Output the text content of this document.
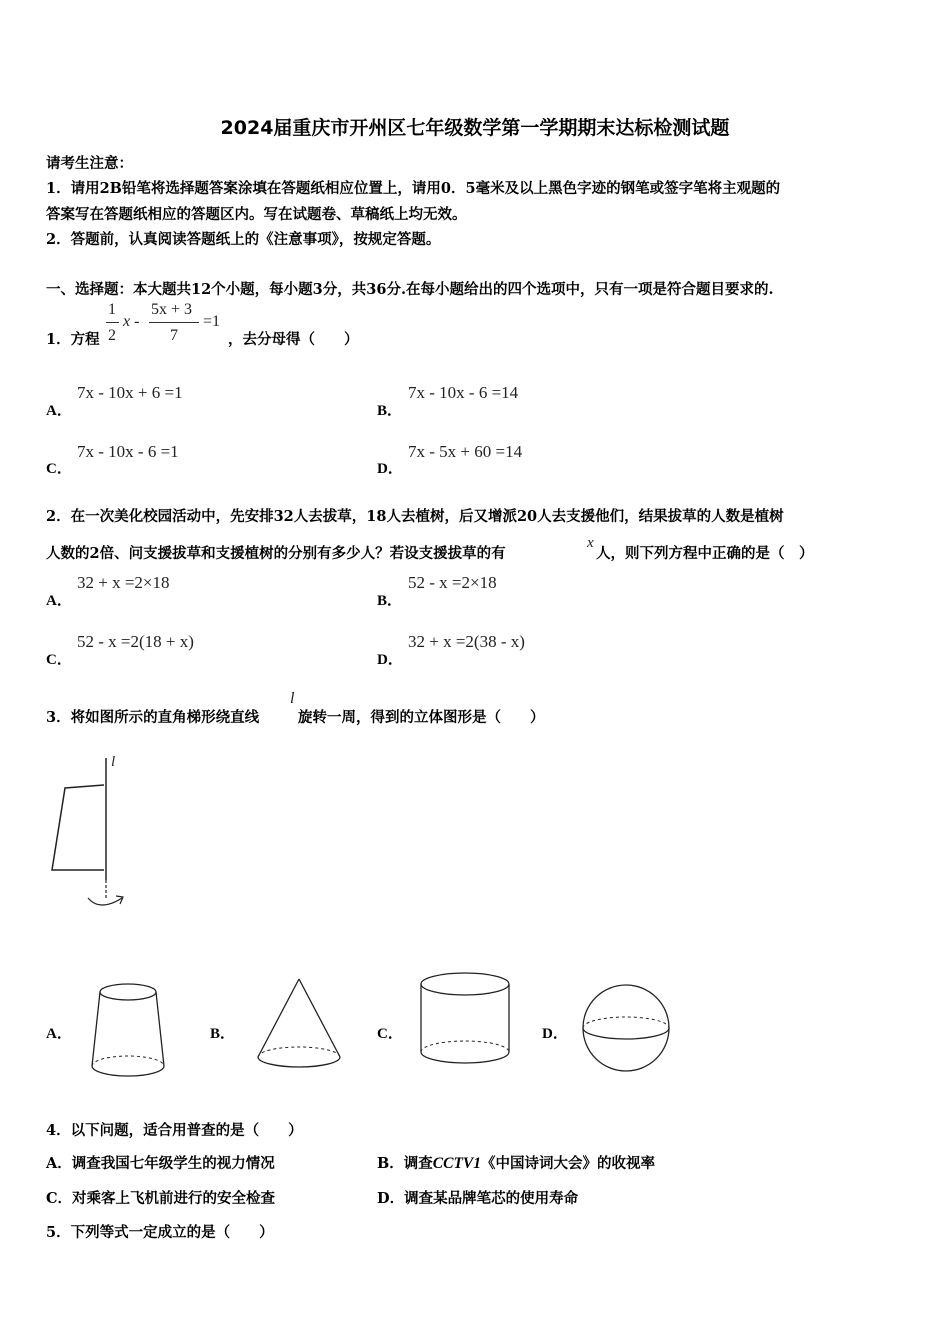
2024届重庆市开州区七年级数学第一学期期末达标检测试题
请考生注意：
1．请用2B铅笔将选择题答案涂填在答题纸相应位置上，请用0．5毫米及以上黑色字迹的钢笔或签字笔将主观题的
答案写在答题纸相应的答题区内。写在试题卷、草稿纸上均无效。
2．答题前，认真阅读答题纸上的《注意事项》，按规定答题。
一、选择题：本大题共12个小题，每小题3分，共36分.在每小题给出的四个选项中，只有一项是符合题目要求的.
1．方程
1
2
x -
5x + 3
7
=1
，去分母得（　　）
A．
7x - 10x + 6 =1
B．
7x - 10x - 6 =14
C．
7x - 10x - 6 =1
D．
7x - 5x + 60 =14
2．在一次美化校园活动中，先安排32人去拔草，18人去植树，后又增派20人去支援他们，结果拔草的人数是植树
人数的2倍、问支援拔草和支援植树的分别有多少人？若设支援拔草的有
x
人，则下列方程中正确的是（　）
A．
32 + x =2×18
B．
52 - x =2×18
C．
52 - x =2(18 + x)
D．
32 + x =2(38 - x)
3．将如图所示的直角梯形绕直线
l
旋转一周，得到的立体图形是（　　）
l
A．	B．	C．	D．
4．以下问题，适合用普查的是（　　）
A．调查我国七年级学生的视力情况	B．调查CCTV1《中国诗词大会》的收视率
C．对乘客上飞机前进行的安全检查	D．调查某品牌笔芯的使用寿命
5．下列等式一定成立的是（　　）
